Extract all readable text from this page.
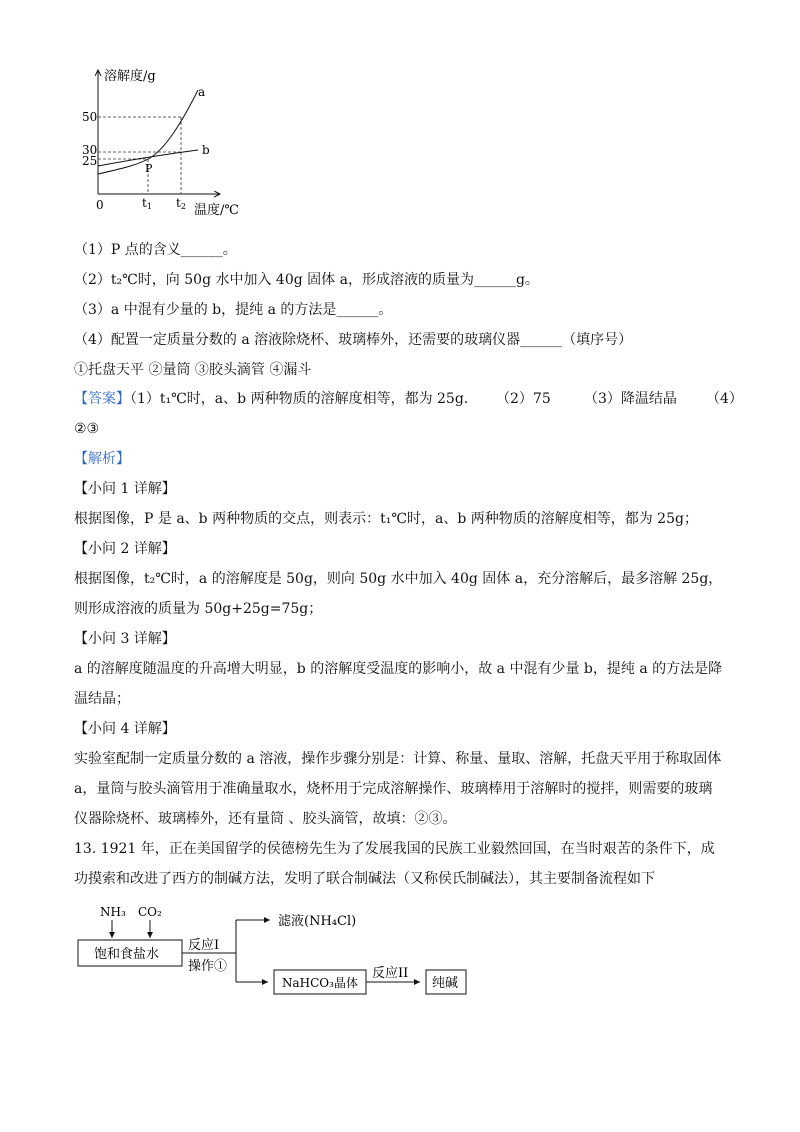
溶解度/g
50
30
25
0	t1 t2 温度/℃
a
b
P
（1）P 点的含义______。
（2）t₂℃时，向 50g 水中加入 40g 固体 a，形成溶液的质量为______g。
（3）a 中混有少量的 b，提纯 a 的方法是______。
（4）配置一定质量分数的 a 溶液除烧杯、玻璃棒外，还需要的玻璃仪器______（填序号）
①托盘天平 ②量筒 ③胶头滴管 ④漏斗
【答案】（1）t₁℃时，a、b 两种物质的溶解度相等，都为 25g. （2）75 （3）降温结晶 （4）
②③
【解析】
【小问 1 详解】
根据图像，P 是 a、b 两种物质的交点，则表示：t₁℃时，a、b 两种物质的溶解度相等，都为 25g；
【小问 2 详解】
根据图像，t₂℃时，a 的溶解度是 50g，则向 50g 水中加入 40g 固体 a，充分溶解后，最多溶解 25g，则形成溶液的质量为 50g+25g=75g；
【小问 3 详解】
a 的溶解度随温度的升高增大明显，b 的溶解度受温度的影响小，故 a 中混有少量 b，提纯 a 的方法是降温结晶；
【小问 4 详解】
实验室配制一定质量分数的 a 溶液，操作步骤分别是：计算、称量、量取、溶解，托盘天平用于称取固体 a，量筒与胶头滴管用于准确量取水，烧杯用于完成溶解操作、玻璃棒用于溶解时的搅拌，则需要的玻璃仪器除烧杯、玻璃棒外，还有量筒 、胶头滴管，故填：②③。
13. 1921 年，正在美国留学的侯德榜先生为了发展我国的民族工业毅然回国，在当时艰苦的条件下，成功摸索和改进了西方的制碱方法，发明了联合制碱法（又称侯氏制碱法），其主要制备流程如下
NH₃ CO₂
饱和食盐水
反应I
操作①
滤液(NH₄Cl)
NaHCO₃晶体
反应II
纯碱
